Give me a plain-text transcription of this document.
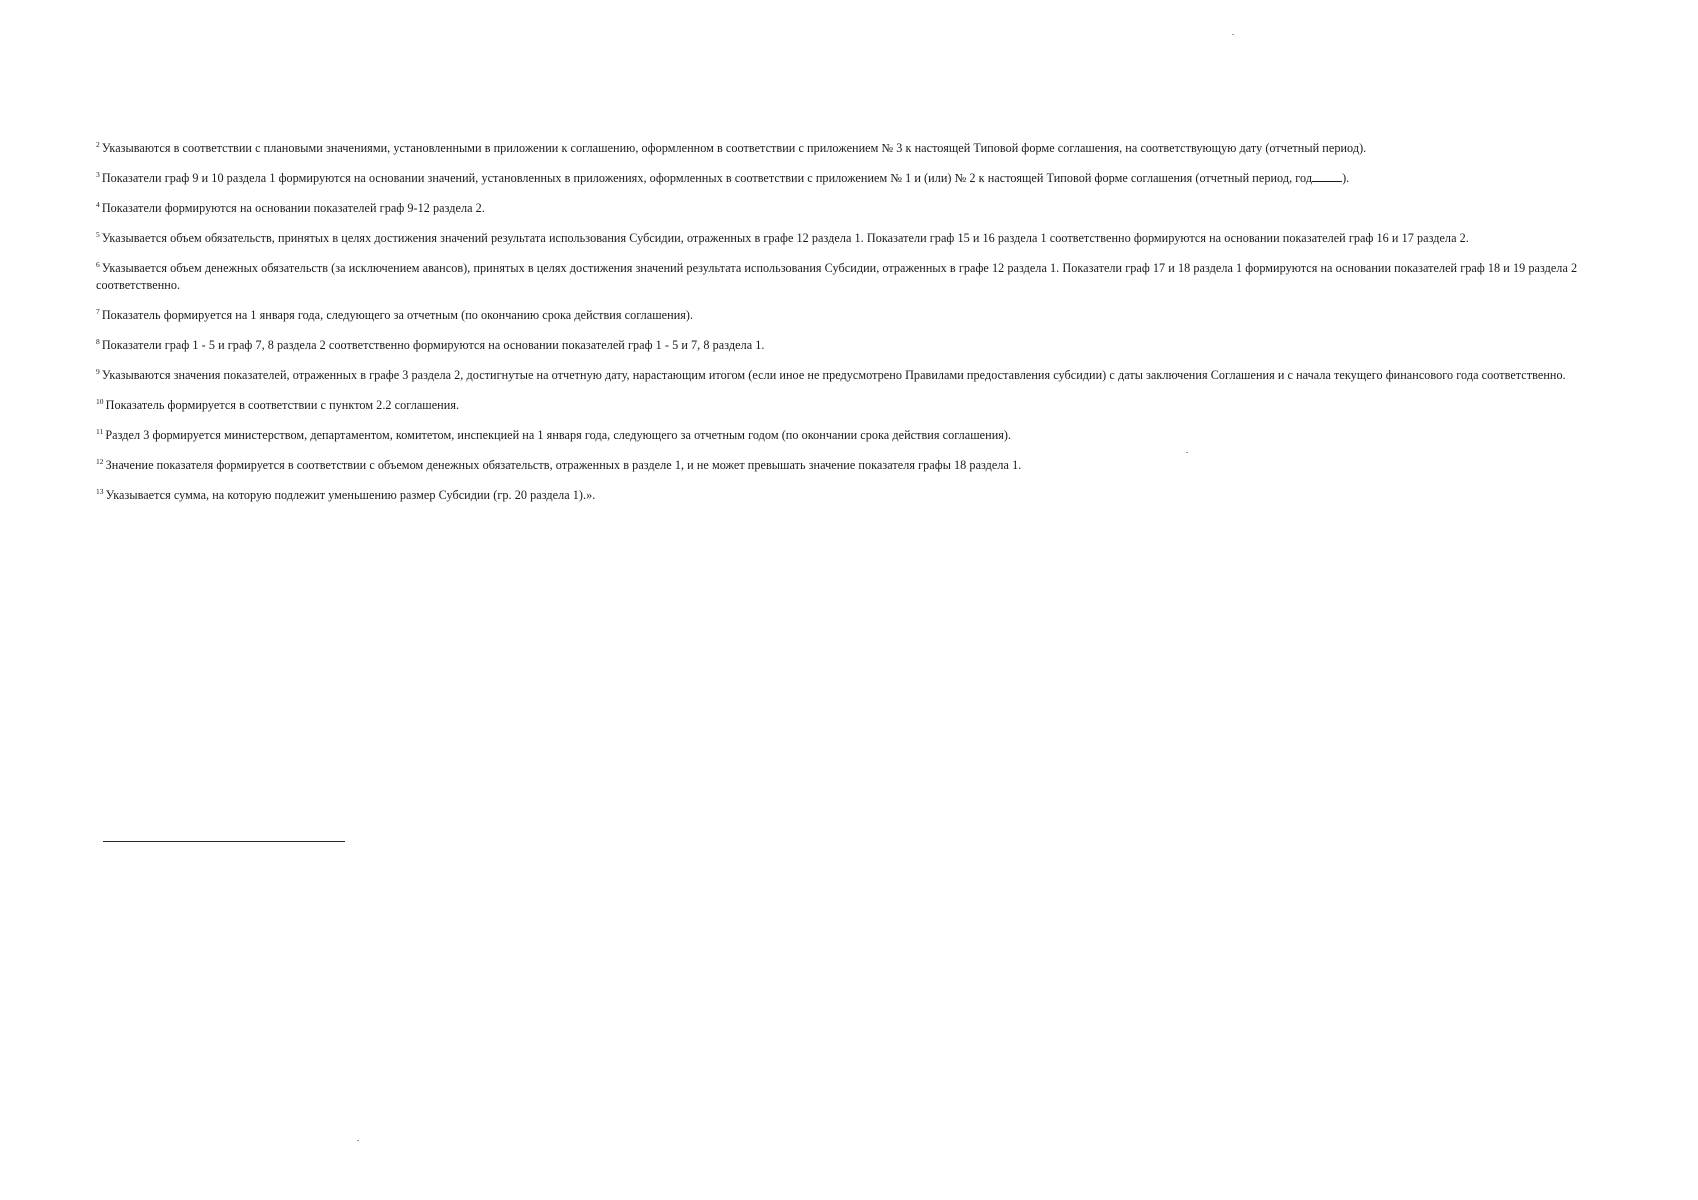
$^2$ Указываются в соответствии с плановыми значениями, установленными в приложении к соглашению, оформленном в соответствии с приложением № 3 к настоящей Типовой форме соглашения, на соответствующую дату (отчетный период).

$^3$ Показатели граф 9 и 10 раздела 1 формируются на основании значений, установленных в приложениях, оформленных в соответствии с приложением № 1 и (или) № 2 к настоящей Типовой форме соглашения (отчетный период, год ).

$^4$ Показатели формируются на основании показателей граф 9-12 раздела 2.

$^5$ Указывается объем обязательств, принятых в целях достижения значений результата использования Субсидии, отраженных в графе 12 раздела 1. Показатели граф 15 и 16 раздела 1 соответственно формируются на основании показателей граф 16 и 17 раздела 2.

$^6$ Указывается объем денежных обязательств (за исключением авансов), принятых в целях достижения значений результата использования Субсидии, отраженных в графе 12 раздела 1. Показатели граф 17 и 18 раздела 1 формируются на основании показателей граф 18 и 19 раздела 2 соответственно.

$^7$ Показатель формируется на 1 января года, следующего за отчетным (по окончанию срока действия соглашения).

$^8$ Показатели граф 1 - 5 и граф 7, 8 раздела 2 соответственно формируются на основании показателей граф 1 - 5 и 7, 8 раздела 1.

$^9$ Указываются значения показателей, отраженных в графе 3 раздела 2, достигнутые на отчетную дату, нарастающим итогом (если иное не предусмотрено Правилами предоставления субсидии) с даты заключения Соглашения и с начала текущего финансового года соответственно.

$^{10}$ Показатель формируется в соответствии с пунктом 2.2 соглашения.

$^{11}$ Раздел 3 формируется министерством, департаментом, комитетом, инспекцией на 1 января года, следующего за отчетным годом (по окончании срока действия соглашения).

$^{12}$ Значение показателя формируется в соответствии с объемом денежных обязательств, отраженных в разделе 1, и не может превышать значение показателя графы 18 раздела 1.

$^{13}$ Указывается сумма, на которую подлежит уменьшению размер Субсидии (гр. 20 раздела 1).».
